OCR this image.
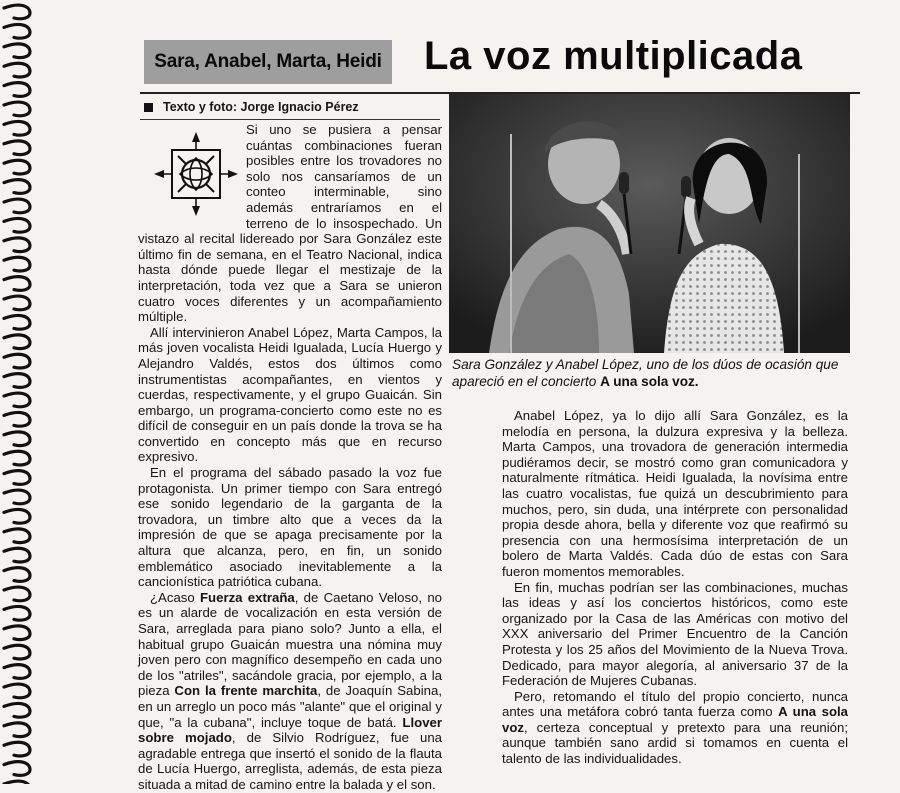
Sara, Anabel, Marta, Heidi La voz multiplicada
Texto y foto: Jorge Ignacio Pérez

Si uno se pusiera a pensar cuántas combinaciones fueran posibles entre los trovadores no solo nos cansaríamos de un conteo interminable, sino además entraríamos en el terreno de lo insospechado. Un vistazo al recital lidereado por Sara González este último fin de semana, en el Teatro Nacional, indica hasta dónde puede llegar el mestizaje de la interpretación, toda vez que a Sara se unieron cuatro voces diferentes y un acompañamiento múltiple.

Allí intervinieron Anabel López, Marta Campos, la más joven vocalista Heidi Igualada, Lucía Huergo y Alejandro Valdés, estos dos últimos como instrumentistas acompañantes, en vientos y cuerdas, respectivamente, y el grupo Guaicán. Sin embargo, un programa-concierto como este no es difícil de conseguir en un país donde la trova se ha convertido en concepto más que en recurso expresivo.

En el programa del sábado pasado la voz fue protagonista. Un primer tiempo con Sara entregó ese sonido legendario de la garganta de la trovadora, un timbre alto que a veces da la impresión de que se apaga precisamente por la altura que alcanza, pero, en fin, un sonido emblemático asociado inevitablemente a la cancionística patriótica cubana.

¿Acaso Fuerza extraña, de Caetano Veloso, no es un alarde de vocalización en esta versión de Sara, arreglada para piano solo? Junto a ella, el habitual grupo Guaicán muestra una nómina muy joven pero con magnífico desempeño en cada uno de los "atriles", sacándole gracia, por ejemplo, a la pieza Con la frente marchita, de Joaquín Sabina, en un arreglo un poco más "alante" que el original y que, "a la cubana", incluye toque de batá. Llover sobre mojado, de Silvio Rodríguez, fue una agradable entrega que insertó el sonido de la flauta de Lucía Huergo, arreglista, además, de esta pieza situada a mitad de camino entre la balada y el son.

Sara González y Anabel López, uno de los dúos de ocasión que apareció en el concierto A una sola voz.

Anabel López, ya lo dijo allí Sara González, es la melodía en persona, la dulzura expresiva y la belleza. Marta Campos, una trovadora de generación intermedia pudiéramos decir, se mostró como gran comunicadora y naturalmente rítmática. Heidi Igualada, la novísima entre las cuatro vocalistas, fue quizá un descubrimiento para muchos, pero, sin duda, una intérprete con personalidad propia desde ahora, bella y diferente voz que reafirmó su presencia con una hermosísima interpretación de un bolero de Marta Valdés. Cada dúo de estas con Sara fueron momentos memorables.

En fin, muchas podrían ser las combinaciones, muchas las ideas y así los conciertos históricos, como este organizado por la Casa de las Américas con motivo del XXX aniversario del Primer Encuentro de la Canción Protesta y los 25 años del Movimiento de la Nueva Trova. Dedicado, para mayor alegoría, al aniversario 37 de la Federación de Mujeres Cubanas.

Pero, retomando el título del propio concierto, nunca antes una metáfora cobró tanta fuerza como A una sola voz, certeza conceptual y pretexto para una reunión; aunque también sano ardid si tomamos en cuenta el talento de las individualidades.
